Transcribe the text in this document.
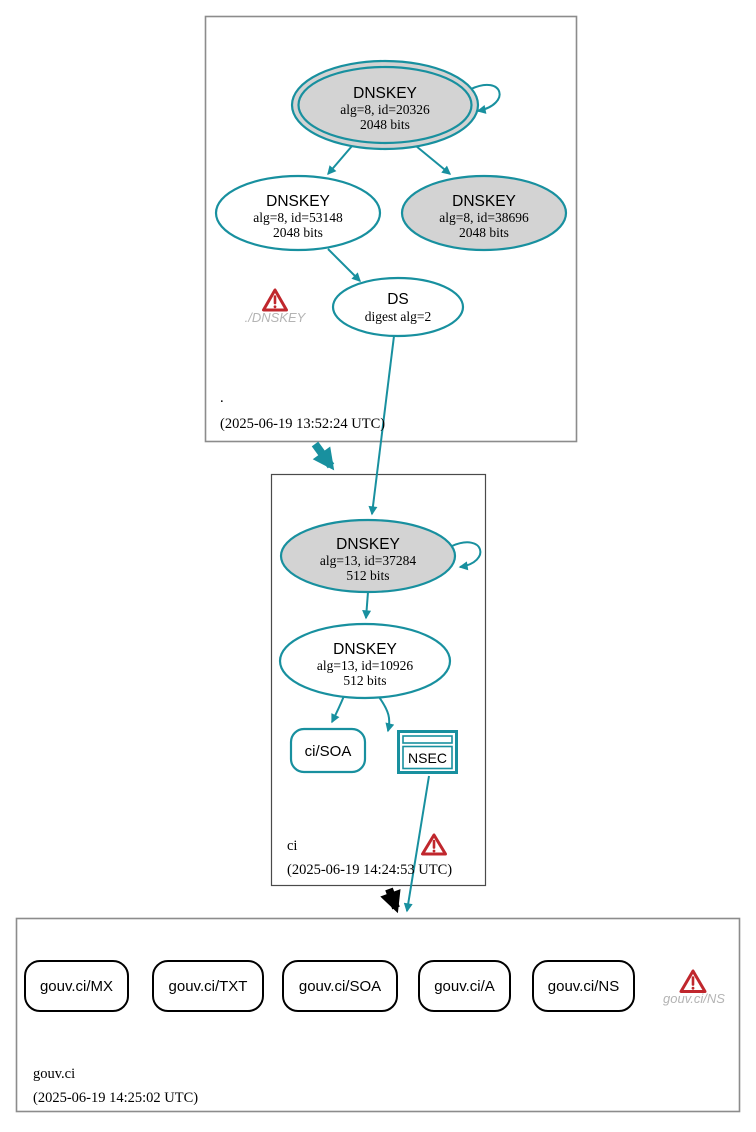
DNSKEY
alg=8, id=20326
2048 bits
DNSKEY
alg=8, id=53148
2048 bits
DNSKEY
alg=8, id=38696
2048 bits
DS
digest alg=2
./DNSKEY
.
(2025-06-19 13:52:24 UTC)
DNSKEY
alg=13, id=37284
512 bits
DNSKEY
alg=13, id=10926
512 bits
ci/SOA	NSEC
ci
(2025-06-19 14:24:53 UTC)
gouv.ci/MX	gouv.ci/TXT	gouv.ci/SOA	gouv.ci/A	gouv.ci/NS
gouv.ci/NS
gouv.ci
(2025-06-19 14:25:02 UTC)
